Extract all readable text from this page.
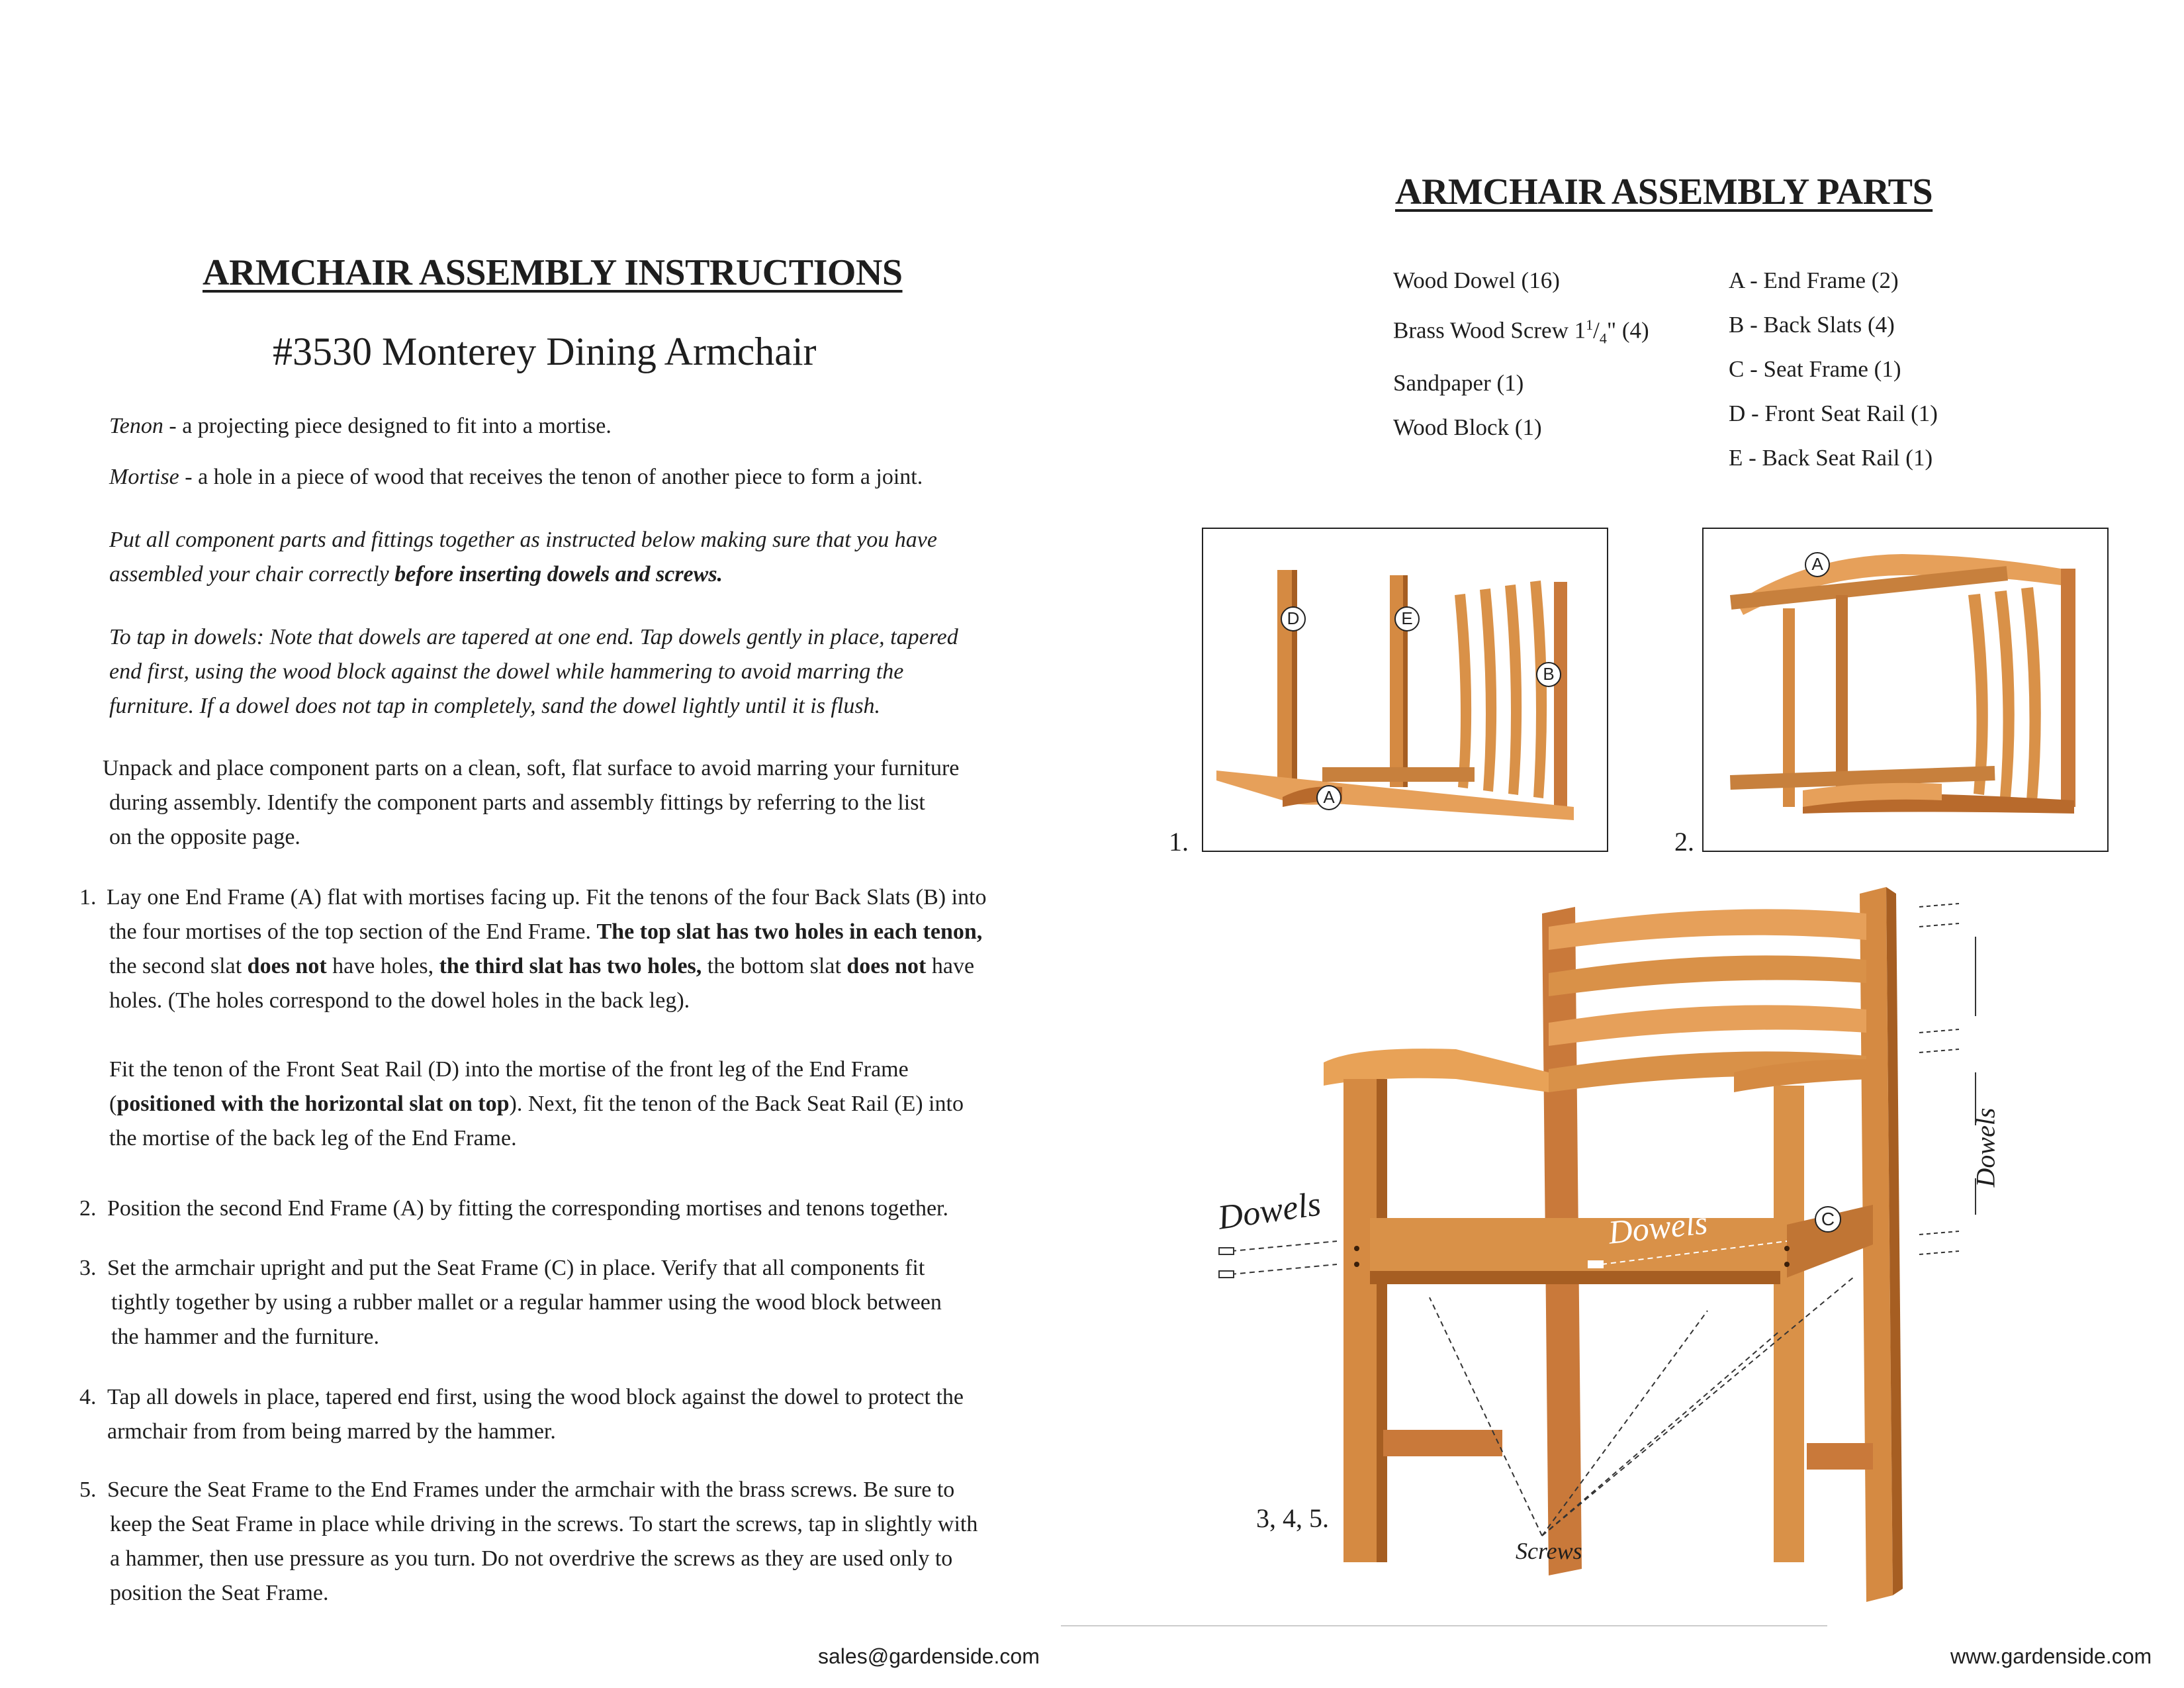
ARMCHAIR ASSEMBLY INSTRUCTIONS
#3530 Monterey Dining Armchair
Tenon - a projecting piece designed to fit into a mortise.
Mortise - a hole in a piece of wood that receives the tenon of another piece to form a joint.
Put all component parts and fittings together as instructed below making sure that you have
assembled your chair correctly before inserting dowels and screws.
To tap in dowels: Note that dowels are tapered at one end. Tap dowels gently in place, tapered
end first, using the wood block against the dowel while hammering to avoid marring the
furniture. If a dowel does not tap in completely, sand the dowel lightly until it is flush.
Unpack and place component parts on a clean, soft, flat surface to avoid marring your furniture
during assembly. Identify the component parts and assembly fittings by referring to the list
on the opposite page.
1. Lay one End Frame (A) flat with mortises facing up. Fit the tenons of the four Back Slats (B) into
the four mortises of the top section of the End Frame. The top slat has two holes in each tenon,
the second slat does not have holes, the third slat has two holes, the bottom slat does not have
holes. (The holes correspond to the dowel holes in the back leg).
Fit the tenon of the Front Seat Rail (D) into the mortise of the front leg of the End Frame
(positioned with the horizontal slat on top). Next, fit the tenon of the Back Seat Rail (E) into
the mortise of the back leg of the End Frame.
2. Position the second End Frame (A) by fitting the corresponding mortises and tenons together.
3. Set the armchair upright and put the Seat Frame (C) in place. Verify that all components fit
tightly together by using a rubber mallet or a regular hammer using the wood block between
the hammer and the furniture.
4. Tap all dowels in place, tapered end first, using the wood block against the dowel to protect the
armchair from from being marred by the hammer.
5. Secure the Seat Frame to the End Frames under the armchair with the brass screws. Be sure to
keep the Seat Frame in place while driving in the screws. To start the screws, tap in slightly with
a hammer, then use pressure as you turn. Do not overdrive the screws as they are used only to
position the Seat Frame.
ARMCHAIR ASSEMBLY PARTS
Wood Dowel (16)
Brass Wood Screw $1^1/_4$" (4)
Sandpaper (1)
Wood Block (1)
A - End Frame (2)
B - Back Slats (4)
C - Seat Frame (1)
D - Front Seat Rail (1)
E - Back Seat Rail (1)
1.
D	E
B
A
2.
A
3, 4, 5.
Dowels	Dowels
Dowels
Screws
C
sales@gardenside.com	www.gardenside.com
